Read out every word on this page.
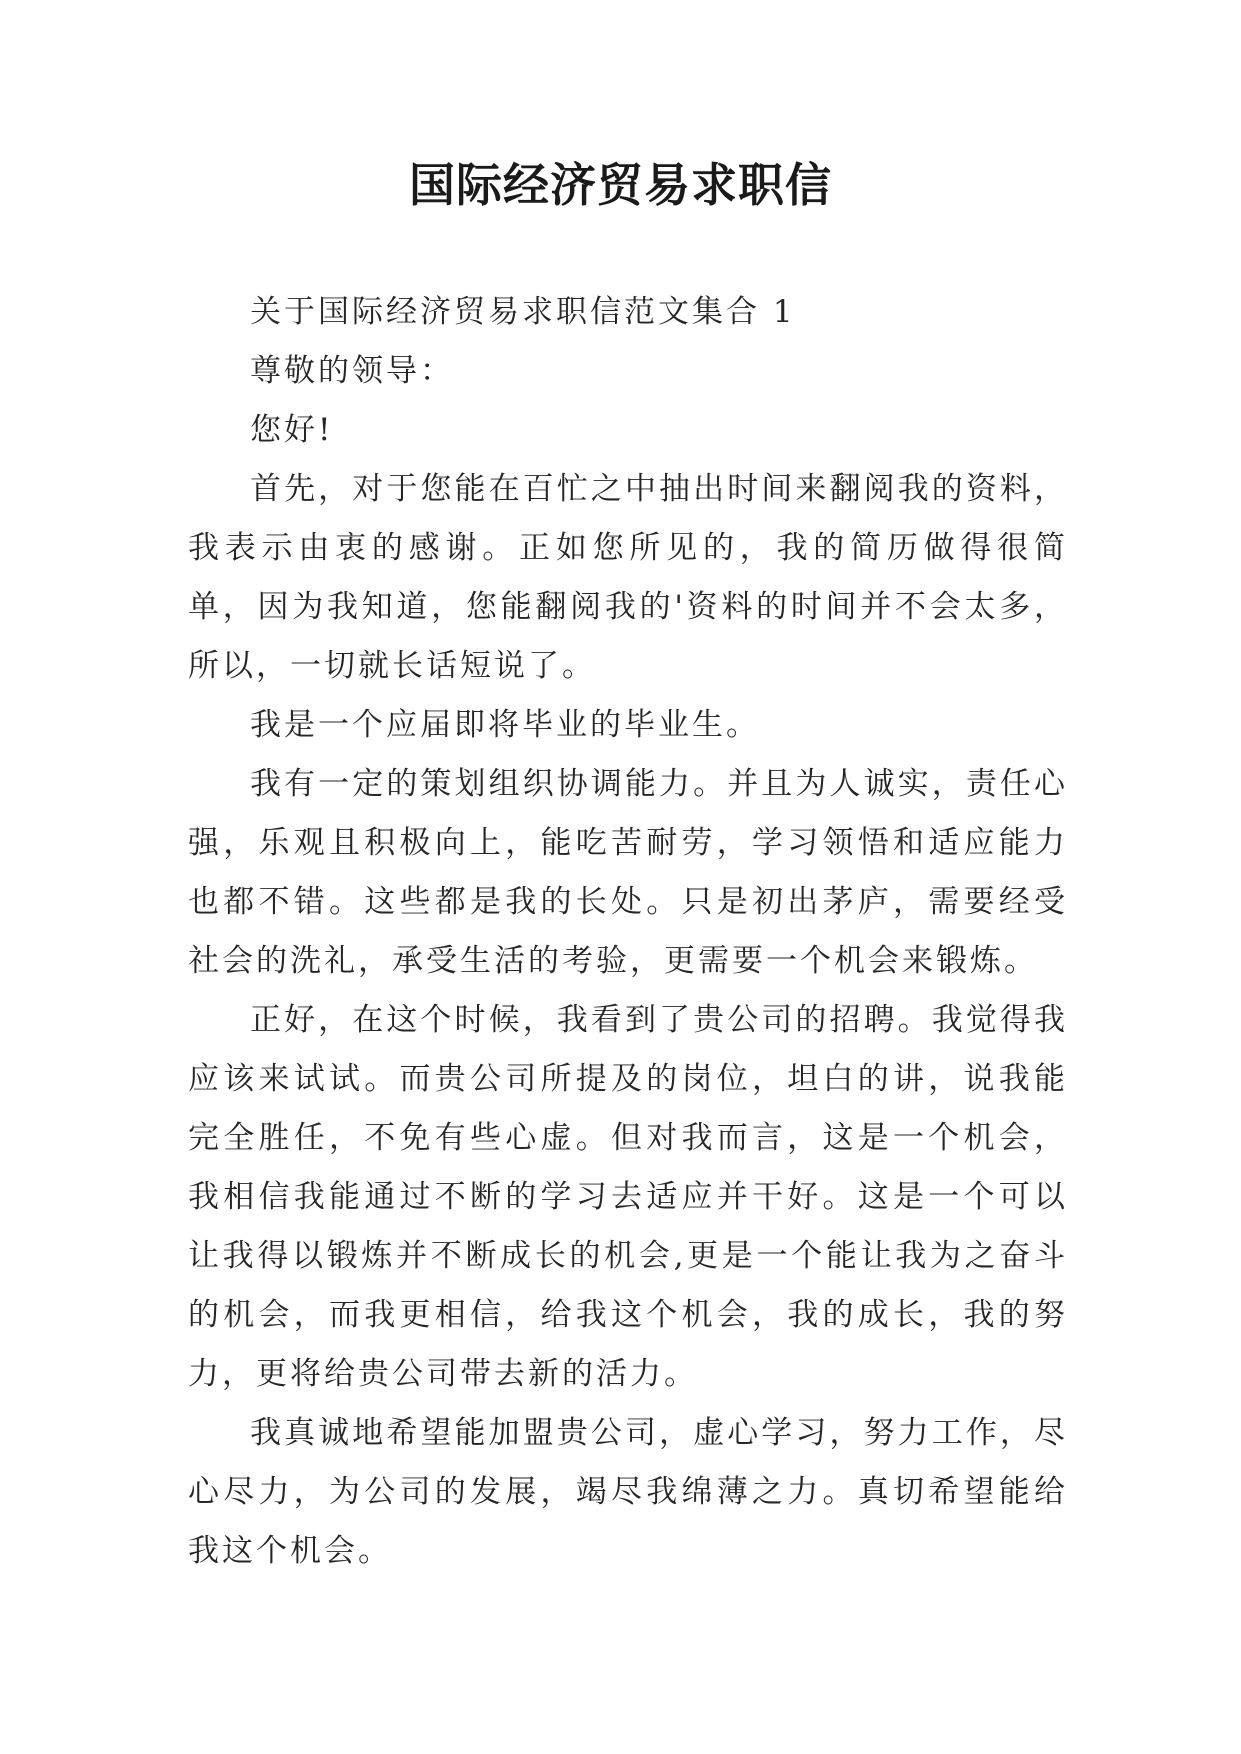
国际经济贸易求职信

关于国际经济贸易求职信范文集合 1

尊敬的领导：

您好!

首先，对于您能在百忙之中抽出时间来翻阅我的资料，我表示由衷的感谢。正如您所见的，我的简历做得很简单，因为我知道，您能翻阅我的'资料的时间并不会太多，所以，一切就长话短说了。

我是一个应届即将毕业的毕业生。

我有一定的策划组织协调能力。并且为人诚实，责任心强，乐观且积极向上，能吃苦耐劳，学习领悟和适应能力也都不错。这些都是我的长处。只是初出茅庐，需要经受社会的洗礼，承受生活的考验，更需要一个机会来锻炼。

正好，在这个时候，我看到了贵公司的招聘。我觉得我应该来试试。而贵公司所提及的岗位，坦白的讲，说我能完全胜任，不免有些心虚。但对我而言，这是一个机会，我相信我能通过不断的学习去适应并干好。这是一个可以让我得以锻炼并不断成长的机会,更是一个能让我为之奋斗的机会，而我更相信，给我这个机会，我的成长，我的努力，更将给贵公司带去新的活力。

我真诚地希望能加盟贵公司，虚心学习，努力工作，尽心尽力，为公司的发展，竭尽我绵薄之力。真切希望能给我这个机会。
